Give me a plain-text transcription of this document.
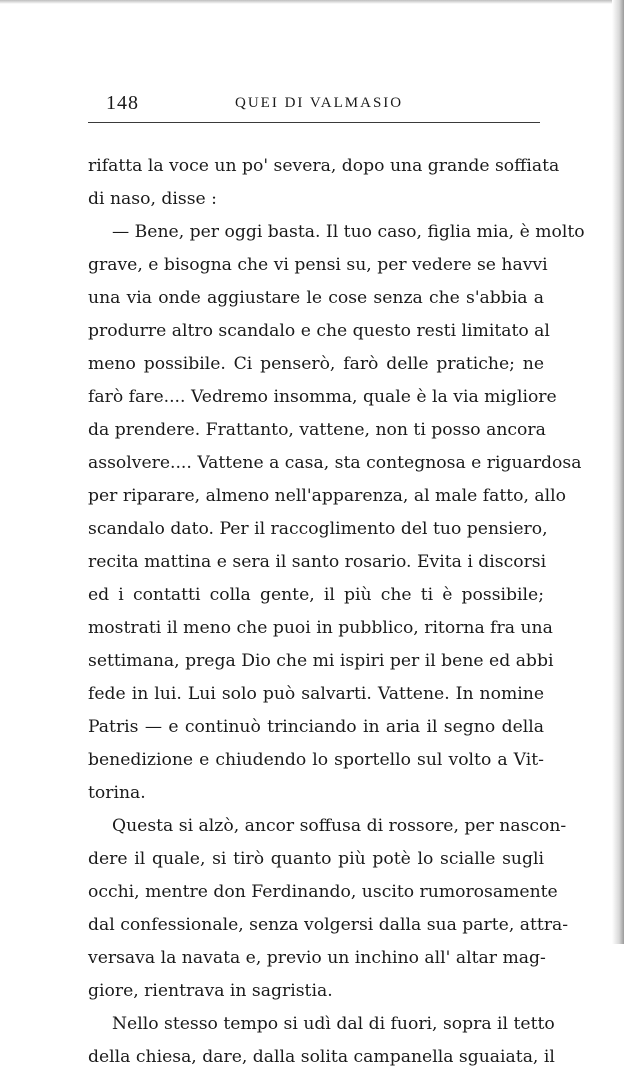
148	QUEI DI VALMASIO
rifatta la voce un po' severa, dopo una grande soffiata
di naso, disse :
— Bene, per oggi basta. Il tuo caso, figlia mia, è molto
grave, e bisogna che vi pensi su, per vedere se havvi
una via onde aggiustare le cose senza che s'abbia a
produrre altro scandalo e che questo resti limitato al
meno possibile. Ci penserò, farò delle pratiche; ne
farò fare.... Vedremo insomma, quale è la via migliore
da prendere. Frattanto, vattene, non ti posso ancora
assolvere.... Vattene a casa, sta contegnosa e riguardosa
per riparare, almeno nell'apparenza, al male fatto, allo
scandalo dato. Per il raccoglimento del tuo pensiero,
recita mattina e sera il santo rosario. Evita i discorsi
ed i contatti colla gente, il più che ti è possibile;
mostrati il meno che puoi in pubblico, ritorna fra una
settimana, prega Dio che mi ispiri per il bene ed abbi
fede in lui. Lui solo può salvarti. Vattene. In nomine
Patris — e continuò trinciando in aria il segno della
benedizione e chiudendo lo sportello sul volto a Vit-
torina.
Questa si alzò, ancor soffusa di rossore, per nascon-
dere il quale, si tirò quanto più potè lo scialle sugli
occhi, mentre don Ferdinando, uscito rumorosamente
dal confessionale, senza volgersi dalla sua parte, attra-
versava la navata e, previo un inchino all' altar mag-
giore, rientrava in sagristia.
Nello stesso tempo si udì dal di fuori, sopra il tetto
della chiesa, dare, dalla solita campanella sguaiata, il
